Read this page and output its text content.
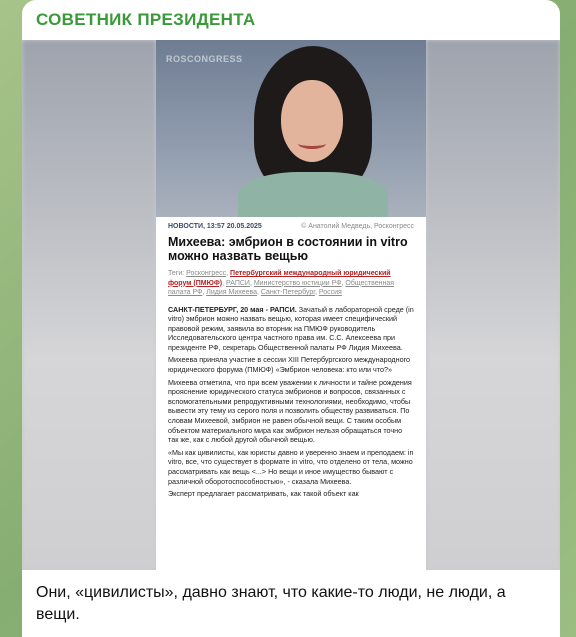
СОВЕТНИК ПРЕЗИДЕНТА
ROSCONGRESS
НОВОСТИ, 13:57 20.05.2025	© Анатолий Медведь, Росконгресс
Михеева: эмбрион в состоянии in vitro можно назвать вещью
Теги: Росконгресс, Петербургский международный юридический форум (ПМЮФ), РАПСИ, Министерство юстиции РФ, Общественная палата РФ, Лидия Михеева, Санкт-Петербург, Россия

САНКТ-ПЕТЕРБУРГ, 20 мая - РАПСИ. Зачатый в лабораторной среде (in vitro) эмбрион можно назвать вещью, которая имеет специфический правовой режим, заявила во вторник на ПМЮФ руководитель Исследовательского центра частного права им. С.С. Алексеева при президенте РФ, секретарь Общественной палаты РФ Лидия Михеева.

Михеева приняла участие в сессии XIII Петербургского международного юридического форума (ПМЮФ) «Эмбрион человека: кто или что?»

Михеева отметила, что при всем уважении к личности и тайне рождения прояснение юридического статуса эмбрионов и вопросов, связанных с вспомогательными репродуктивными технологиями, необходимо, чтобы вывести эту тему из серого поля и позволить обществу развиваться. По словам Михеевой, эмбрион не равен обычной вещи. С таким особым объектом материального мира как эмбрион нельзя обращаться точно так же, как с любой другой обычной вещью.

«Мы как цивилисты, как юристы давно и уверенно знаем и преподаем: in vitro, все, что существует в формате in vitro, что отделено от тела, можно рассматривать как вещь <...> Но вещи и иное имущество бывают с различной оборотоспособностью», - сказала Михеева.

Эксперт предлагает рассматривать, как такой объект как

Они, «цивилисты», давно знают, что какие-то люди, не люди, а вещи.
